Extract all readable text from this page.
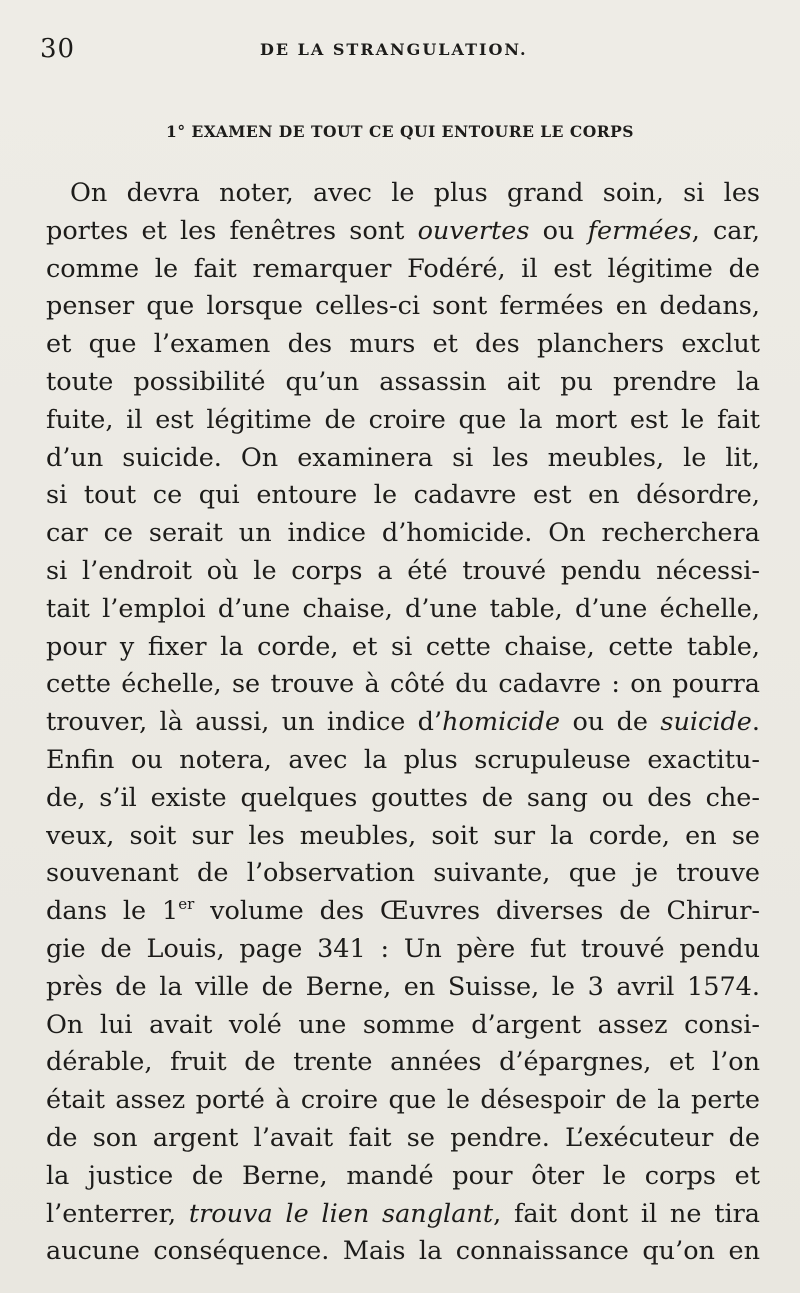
30	DE LA STRANGULATION.
1° EXAMEN DE TOUT CE QUI ENTOURE LE CORPS
On devra noter, avec le plus grand soin, si les
portes et les fenêtres sont ouvertes ou fermées, car,
comme le fait remarquer Fodéré, il est légitime de
penser que lorsque celles-ci sont fermées en dedans,
et que l’examen des murs et des planchers exclut
toute possibilité qu’un assassin ait pu prendre la
fuite, il est légitime de croire que la mort est le fait
d’un suicide. On examinera si les meubles, le lit,
si tout ce qui entoure le cadavre est en désordre,
car ce serait un indice d’homicide. On recherchera
si l’endroit où le corps a été trouvé pendu nécessi-
tait l’emploi d’une chaise, d’une table, d’une échelle,
pour y fixer la corde, et si cette chaise, cette table,
cette échelle, se trouve à côté du cadavre : on pourra
trouver, là aussi, un indice d’homicide ou de suicide.
Enfin ou notera, avec la plus scrupuleuse exactitu-
de, s’il existe quelques gouttes de sang ou des che-
veux, soit sur les meubles, soit sur la corde, en se
souvenant de l’observation suivante, que je trouve
dans le 1er volume des Œuvres diverses de Chirur-
gie de Louis, page 341 : Un père fut trouvé pendu
près de la ville de Berne, en Suisse, le 3 avril 1574.
On lui avait volé une somme d’argent assez consi-
dérable, fruit de trente années d’épargnes, et l’on
était assez porté à croire que le désespoir de la perte
de son argent l’avait fait se pendre. L’exécuteur de
la justice de Berne, mandé pour ôter le corps et
l’enterrer, trouva le lien sanglant, fait dont il ne tira
aucune conséquence. Mais la connaissance qu’on en
